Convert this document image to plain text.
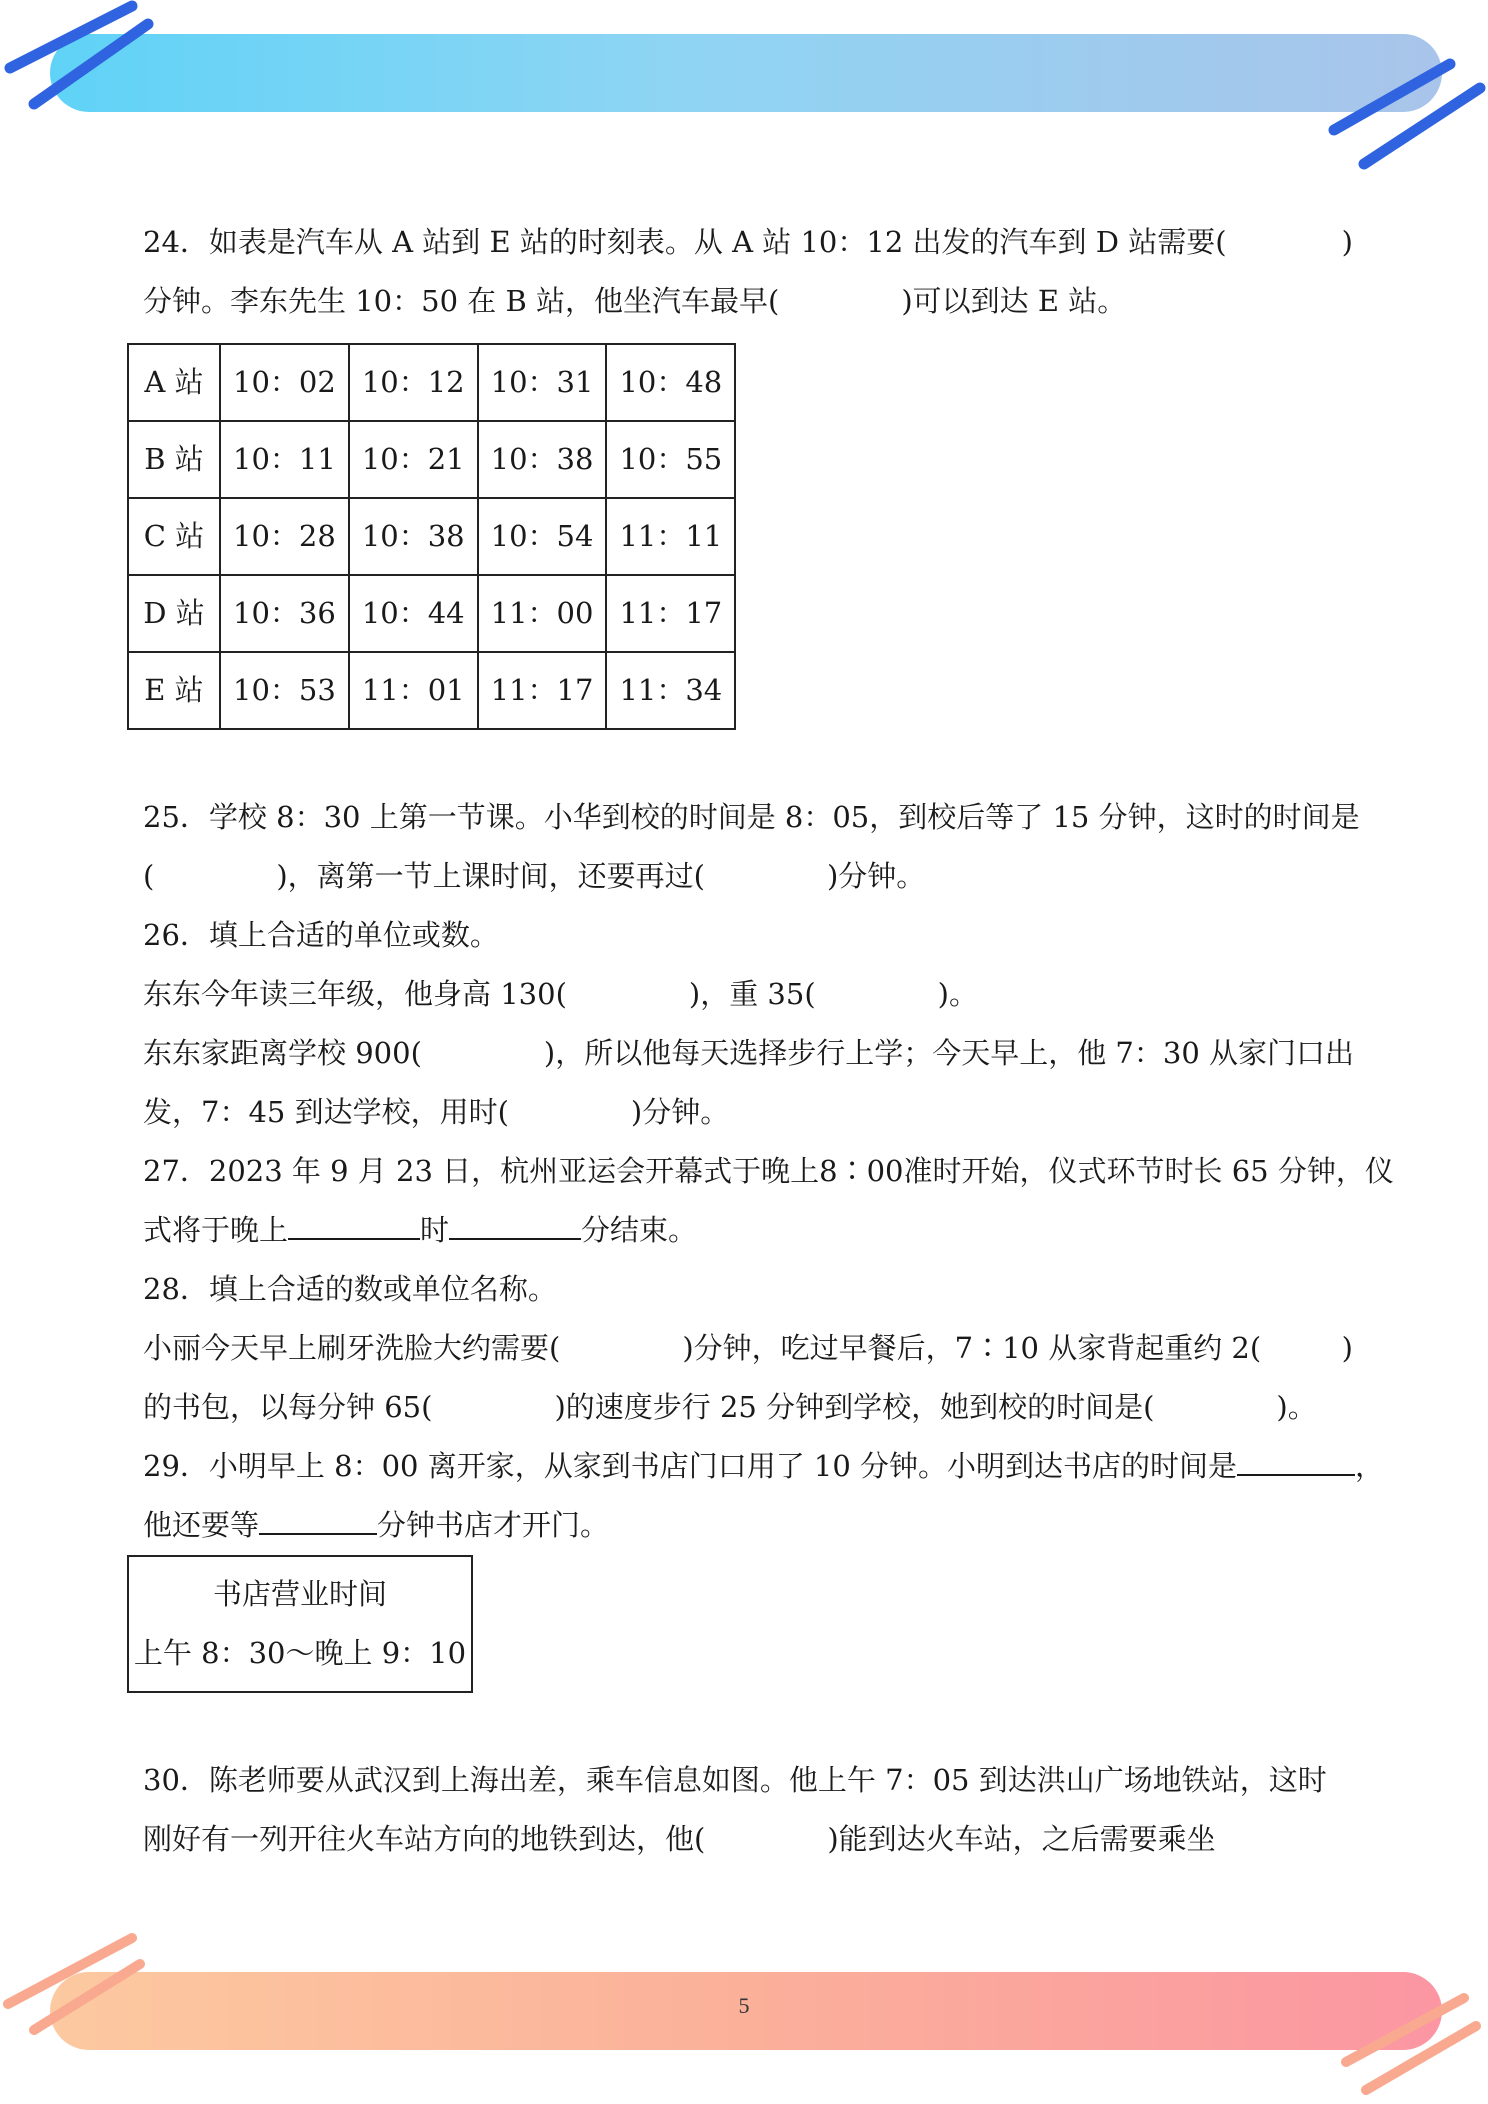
5
24．如表是汽车从 A 站到 E 站的时刻表。从 A 站 10：12 出发的汽车到 D 站需要(	)
分钟。李东先生 10：50 在 B 站，他坐汽车最早(	)可以到达 E 站。
A 站	10：02	10：12	10：31	10：48
B 站	10：11	10：21	10：38	10：55
C 站	10：28	10：38	10：54	11：11
D 站	10：36	10：44	11：00	11：17
E 站	10：53	11：01	11：17	11：34
25．学校 8：30 上第一节课。小华到校的时间是 8：05，到校后等了 15 分钟，这时的时间是
(	)，离第一节上课时间，还要再过(	)分钟。
26．填上合适的单位或数。
东东今年读三年级，他身高 130(	)，重 35(	)。
东东家距离学校 900(	)，所以他每天选择步行上学；今天早上，他 7：30 从家门口出
发，7：45 到达学校，用时(	)分钟。
27．2023 年 9 月 23 日，杭州亚运会开幕式于晚上8∶00准时开始，仪式环节时长 65 分钟，仪
式将于晚上	时	分结束。
28．填上合适的数或单位名称。
小丽今天早上刷牙洗脸大约需要(	)分钟，吃过早餐后，7∶10 从家背起重约 2(	)
的书包，以每分钟 65(	)的速度步行 25 分钟到学校，她到校的时间是(	)。
29．小明早上 8：00 离开家，从家到书店门口用了 10 分钟。小明到达书店的时间是	，
他还要等	分钟书店才开门。
书店营业时间
上午 8：30～晚上 9：10
30．陈老师要从武汉到上海出差，乘车信息如图。他上午 7：05 到达洪山广场地铁站，这时
刚好有一列开往火车站方向的地铁到达，他(	)能到达火车站，之后需要乘坐
